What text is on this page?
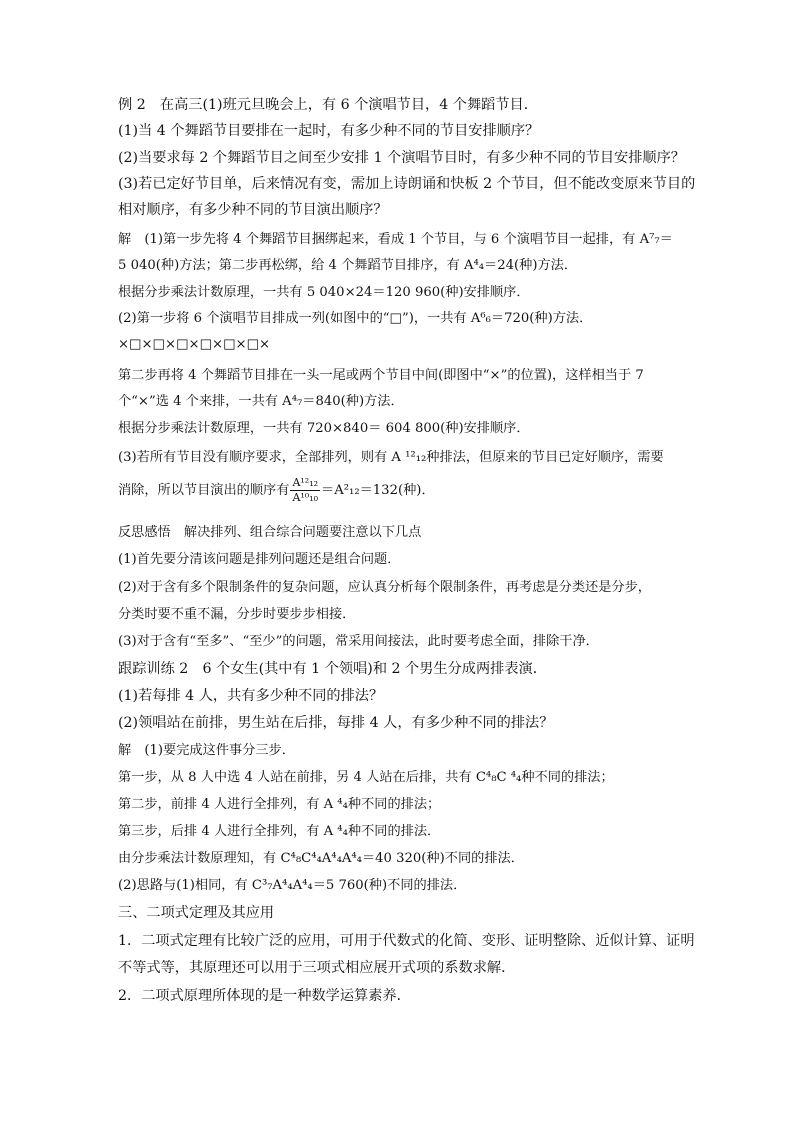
例 2　在高三(1)班元旦晚会上，有 6 个演唱节目，4 个舞蹈节目．
(1)当 4 个舞蹈节目要排在一起时，有多少种不同的节目安排顺序？
(2)当要求每 2 个舞蹈节目之间至少安排 1 个演唱节目时，有多少种不同的节目安排顺序？
(3)若已定好节目单，后来情况有变，需加上诗朗诵和快板 2 个节目，但不能改变原来节目的
相对顺序，有多少种不同的节目演出顺序？
解　(1)第一步先将 4 个舞蹈节目捆绑起来，看成 1 个节目，与 6 个演唱节目一起排，有 A⁷₇＝
5 040(种)方法；第二步再松绑，给 4 个舞蹈节目排序，有 A⁴₄＝24(种)方法．
根据分步乘法计数原理，一共有 5 040×24＝120 960(种)安排顺序．
(2)第一步将 6 个演唱节目排成一列(如图中的“□”)，一共有 A⁶₆＝720(种)方法．
×□×□×□×□×□×□×
第二步再将 4 个舞蹈节目排在一头一尾或两个节目中间(即图中“×”的位置)，这样相当于 7
个“×”选 4 个来排，一共有 A⁴₇＝840(种)方法．
根据分步乘法计数原理，一共有 720×840＝ 604 800(种)安排顺序．
(3)若所有节目没有顺序要求，全部排列，则有 A ¹²₁₂种排法，但原来的节目已定好顺序，需要
消除，所以节目演出的顺序有 $\frac{\text{A¹²₁₂}}{\text{A¹⁰₁₀}} =A^2_{12}=132$(种)．
反思感悟　解决排列、组合综合问题要注意以下几点
(1)首先要分清该问题是排列问题还是组合问题．
(2)对于含有多个限制条件的复杂问题，应认真分析每个限制条件，再考虑是分类还是分步，
分类时要不重不漏，分步时要步步相接．
(3)对于含有“至多”、“至少”的问题，常采用间接法，此时要考虑全面，排除干净．
跟踪训练 2　6 个女生(其中有 1 个领唱)和 2 个男生分成两排表演．
(1)若每排 4 人，共有多少种不同的排法？
(2)领唱站在前排，男生站在后排，每排 4 人，有多少种不同的排法？
解　(1)要完成这件事分三步．
第一步，从 8 人中选 4 人站在前排，另 4 人站在后排，共有 C⁴₈C ⁴₄种不同的排法；
第二步，前排 4 人进行全排列，有 A ⁴₄种不同的排法；
第三步，后排 4 人进行全排列，有 A ⁴₄种不同的排法．
由分步乘法计数原理知，有 C⁴₈C⁴₄A⁴₄A⁴₄＝40 320(种)不同的排法．
(2)思路与(1)相同，有 C³₇A⁴₄A⁴₄＝5 760(种)不同的排法．
三、二项式定理及其应用
1．二项式定理有比较广泛的应用，可用于代数式的化简、变形、证明整除、近似计算、证明
不等式等，其原理还可以用于三项式相应展开式项的系数求解．
2．二项式原理所体现的是一种数学运算素养．
